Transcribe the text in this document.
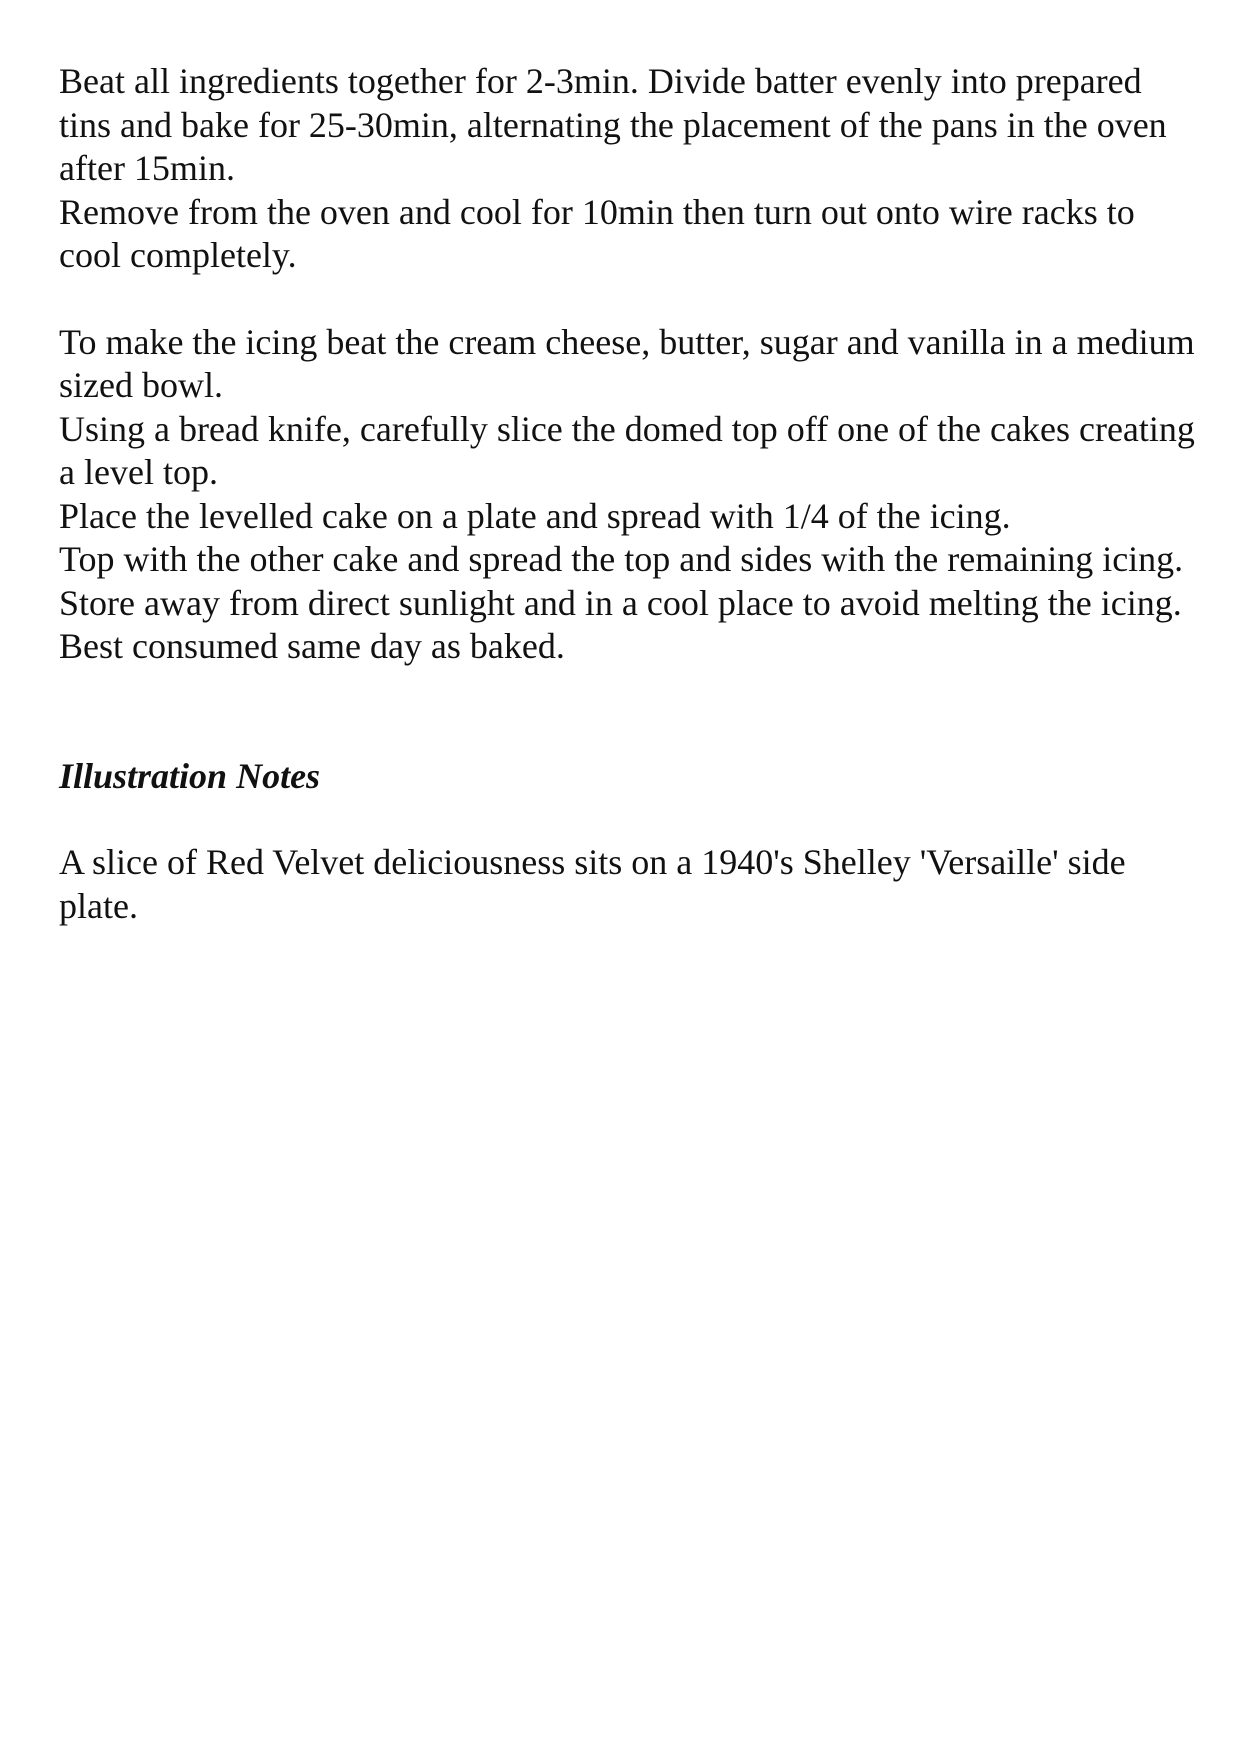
Beat all ingredients together for 2-3min. Divide batter evenly into prepared tins and bake for 25-30min, alternating the placement of the pans in the oven after 15min.

Remove from the oven and cool for 10min then turn out onto wire racks to cool completely.

To make the icing beat the cream cheese, butter, sugar and vanilla in a medium sized bowl.

Using a bread knife, carefully slice the domed top off one of the cakes creating a level top.

Place the levelled cake on a plate and spread with 1/4 of the icing.

Top with the other cake and spread the top and sides with the remaining icing.

Store away from direct sunlight and in a cool place to avoid melting the icing.

Best consumed same day as baked.

Illustration Notes

A slice of Red Velvet deliciousness sits on a 1940's Shelley 'Versaille' side plate.
